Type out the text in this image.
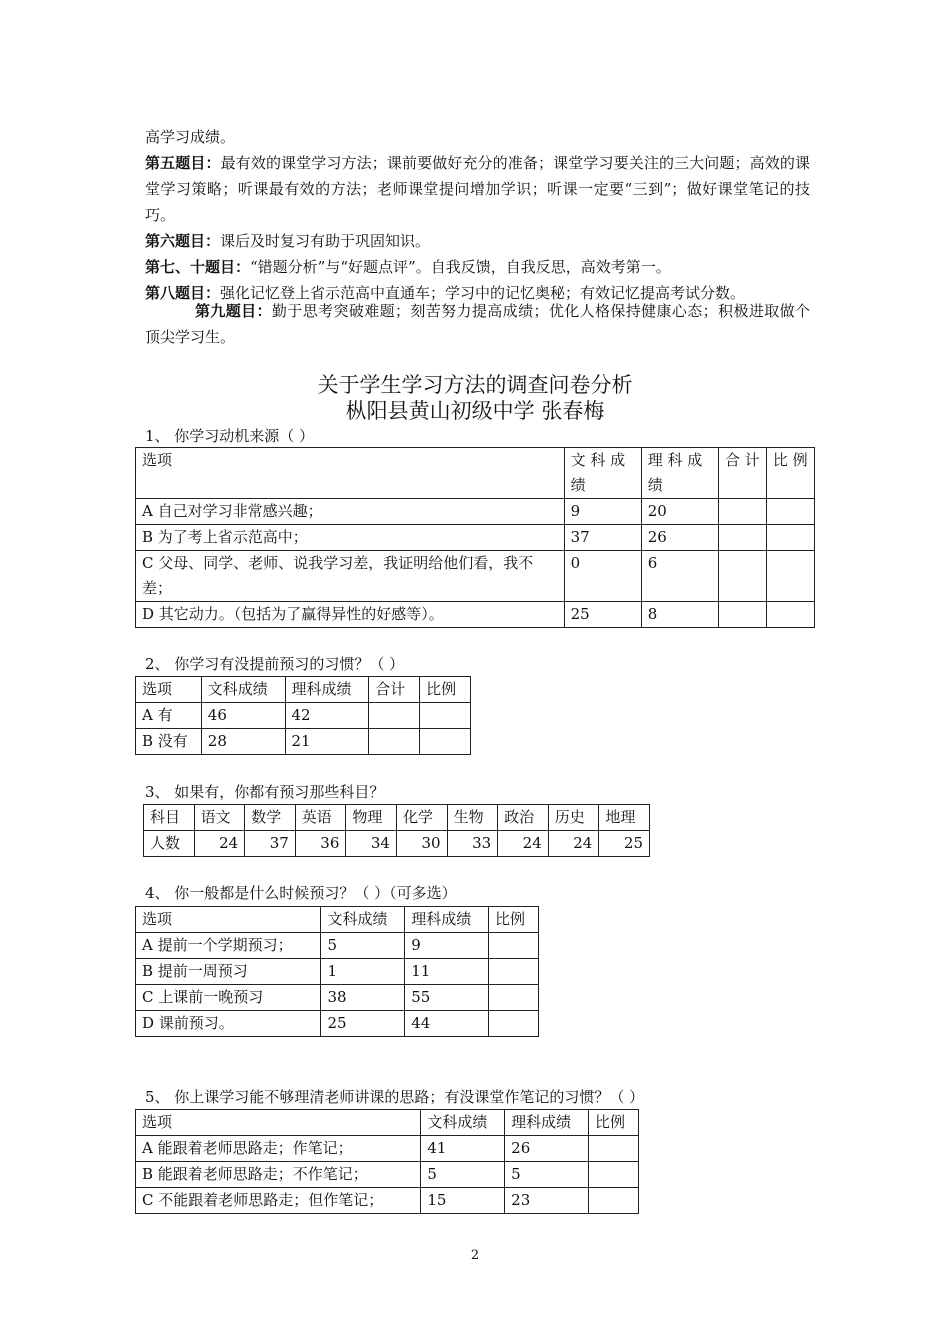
高学习成绩。
第五题目：最有效的课堂学习方法；课前要做好充分的准备；课堂学习要关注的三大问题；高效的课堂学习策略；听课最有效的方法；老师课堂提问增加学识；听课一定要“三到”；做好课堂笔记的技巧。
第六题目：课后及时复习有助于巩固知识。
第七、十题目：“错题分析”与“好题点评”。自我反馈，自我反思，高效考第一。
第八题目：强化记忆登上省示范高中直通车；学习中的记忆奥秘；有效记忆提高考试分数。
第九题目：勤于思考突破难题；刻苦努力提高成绩；优化人格保持健康心态；积极进取做个顶尖学习生。
关于学生学习方法的调查问卷分析
枞阳县黄山初级中学 张春梅
1、 你学习动机来源（ ）
选项	文 科 成 绩	理 科 成 绩	合 计	比 例
A 自己对学习非常感兴趣；	9	20		
B 为了考上省示范高中；	37	26		
C 父母、同学、老师、说我学习差，我证明给他们看，我不差；	0	6		
D 其它动力。（包括为了赢得异性的好感等）。	25	8		
2、 你学习有没提前预习的习惯？（ ）
选项	文科成绩	理科成绩	合计	比例
A 有	46	42		
B 没有	28	21		
3、 如果有，你都有预习那些科目？
科目	语文	数学	英语	物理	化学	生物	政治	历史	地理
人数	24	37	36	34	30	33	24	24	25
4、 你一般都是什么时候预习？（ ）（可多选）
选项	文科成绩	理科成绩	比例
A 提前一个学期预习；	5	9	
B 提前一周预习	1	11	
C 上课前一晚预习	38	55	
D 课前预习。	25	44	
5、 你上课学习能不够理清老师讲课的思路；有没课堂作笔记的习惯？（ ）
选项	文科成绩	理科成绩	比例
A 能跟着老师思路走；作笔记；	41	26	
B 能跟着老师思路走；不作笔记；	5	5	
C 不能跟着老师思路走；但作笔记；	15	23	
2
